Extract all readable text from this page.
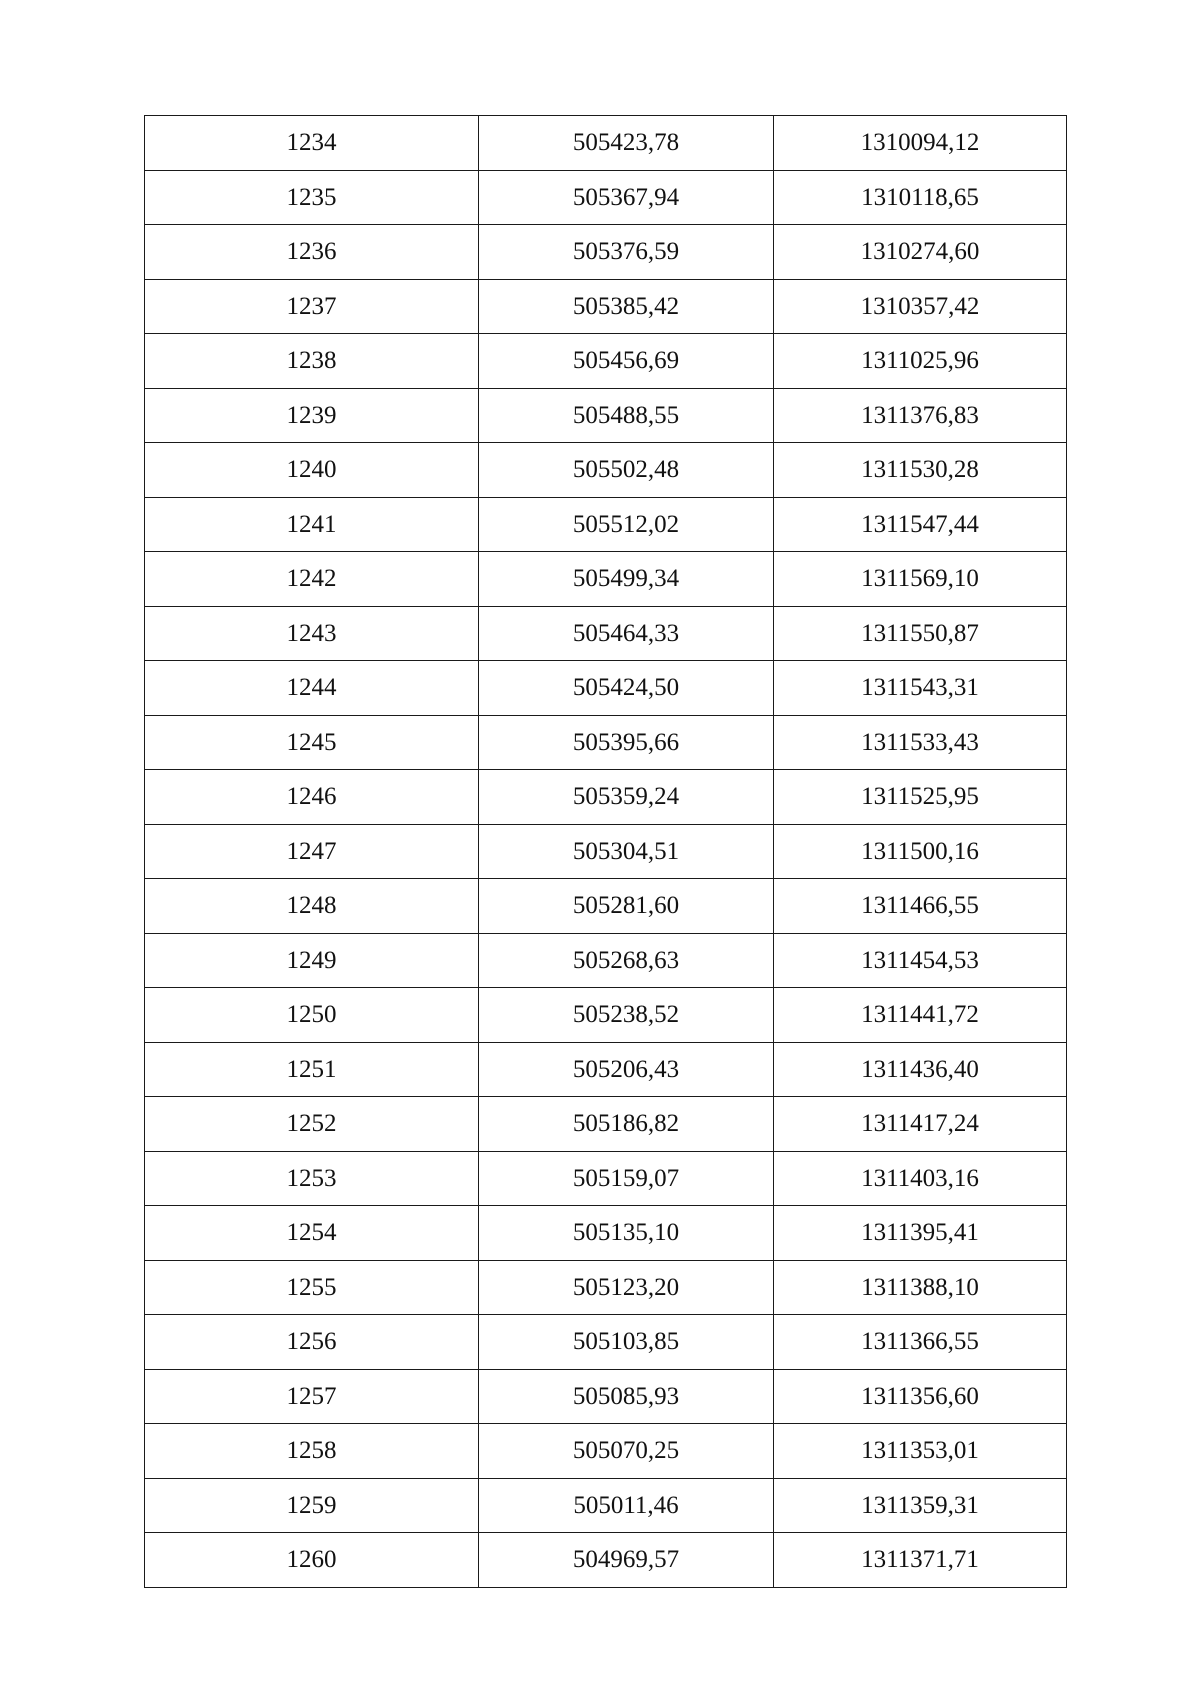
1234	505423,78	1310094,12
1235	505367,94	1310118,65
1236	505376,59	1310274,60
1237	505385,42	1310357,42
1238	505456,69	1311025,96
1239	505488,55	1311376,83
1240	505502,48	1311530,28
1241	505512,02	1311547,44
1242	505499,34	1311569,10
1243	505464,33	1311550,87
1244	505424,50	1311543,31
1245	505395,66	1311533,43
1246	505359,24	1311525,95
1247	505304,51	1311500,16
1248	505281,60	1311466,55
1249	505268,63	1311454,53
1250	505238,52	1311441,72
1251	505206,43	1311436,40
1252	505186,82	1311417,24
1253	505159,07	1311403,16
1254	505135,10	1311395,41
1255	505123,20	1311388,10
1256	505103,85	1311366,55
1257	505085,93	1311356,60
1258	505070,25	1311353,01
1259	505011,46	1311359,31
1260	504969,57	1311371,71
